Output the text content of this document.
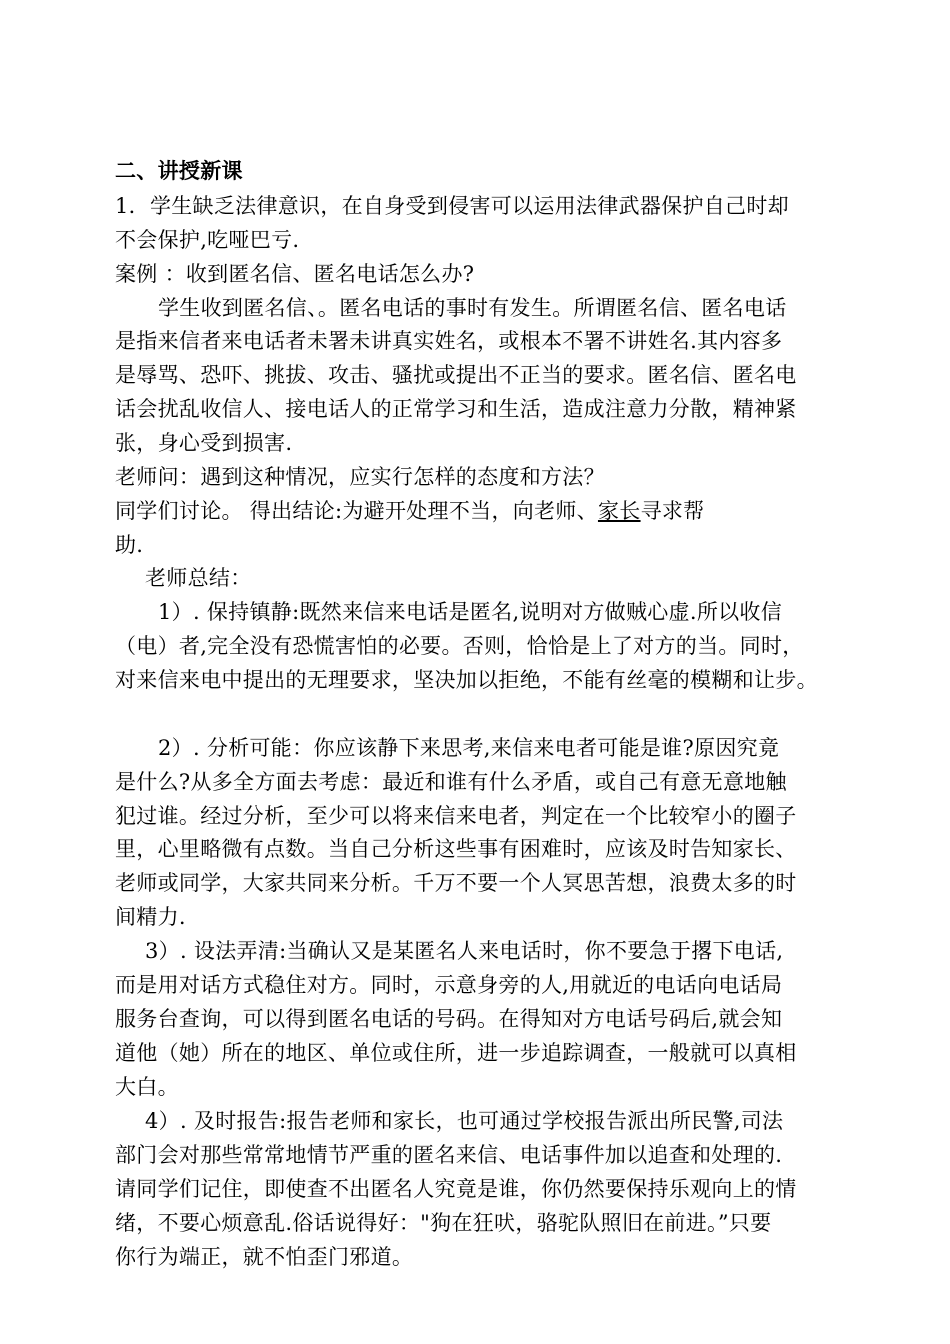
二、讲授新课
1．学生缺乏法律意识，在自身受到侵害可以运用法律武器保护自己时却
不会保护,吃哑巴亏.
案例 ：收到匿名信、匿名电话怎么办?
学生收到匿名信、。匿名电话的事时有发生。所谓匿名信、匿名电话
是指来信者来电话者未署未讲真实姓名，或根本不署不讲姓名.其内容多
是辱骂、恐吓、挑拔、攻击、骚扰或提出不正当的要求。匿名信、匿名电
话会扰乱收信人、接电话人的正常学习和生活，造成注意力分散，精神紧
张，身心受到损害.
老师问：遇到这种情况，应实行怎样的态度和方法？
同学们讨论。 得出结论:为避开处理不当，向老师、家长寻求帮
助.
老师总结：
1）. 保持镇静:既然来信来电话是匿名,说明对方做贼心虚.所以收信
（电）者,完全没有恐慌害怕的必要。否则，恰恰是上了对方的当。同时，
对来信来电中提出的无理要求，坚决加以拒绝，不能有丝毫的模糊和让步。
2）. 分析可能：你应该静下来思考,来信来电者可能是谁?原因究竟
是什么?从多全方面去考虑：最近和谁有什么矛盾，或自己有意无意地触
犯过谁。经过分析，至少可以将来信来电者，判定在一个比较窄小的圈子
里，心里略微有点数。当自己分析这些事有困难时，应该及时告知家长、
老师或同学，大家共同来分析。千万不要一个人冥思苦想，浪费太多的时
间精力.
3）. 设法弄清:当确认又是某匿名人来电话时，你不要急于撂下电话,
而是用对话方式稳住对方。同时，示意身旁的人,用就近的电话向电话局
服务台查询，可以得到匿名电话的号码。在得知对方电话号码后,就会知
道他（她）所在的地区、单位或住所，进一步追踪调查，一般就可以真相
大白。
4）. 及时报告:报告老师和家长，也可通过学校报告派出所民警,司法
部门会对那些常常地情节严重的匿名来信、电话事件加以追查和处理的.
请同学们记住，即使查不出匿名人究竟是谁，你仍然要保持乐观向上的情
绪，不要心烦意乱.俗话说得好："狗在狂吠，骆驼队照旧在前进。”只要
你行为端正，就不怕歪门邪道。
